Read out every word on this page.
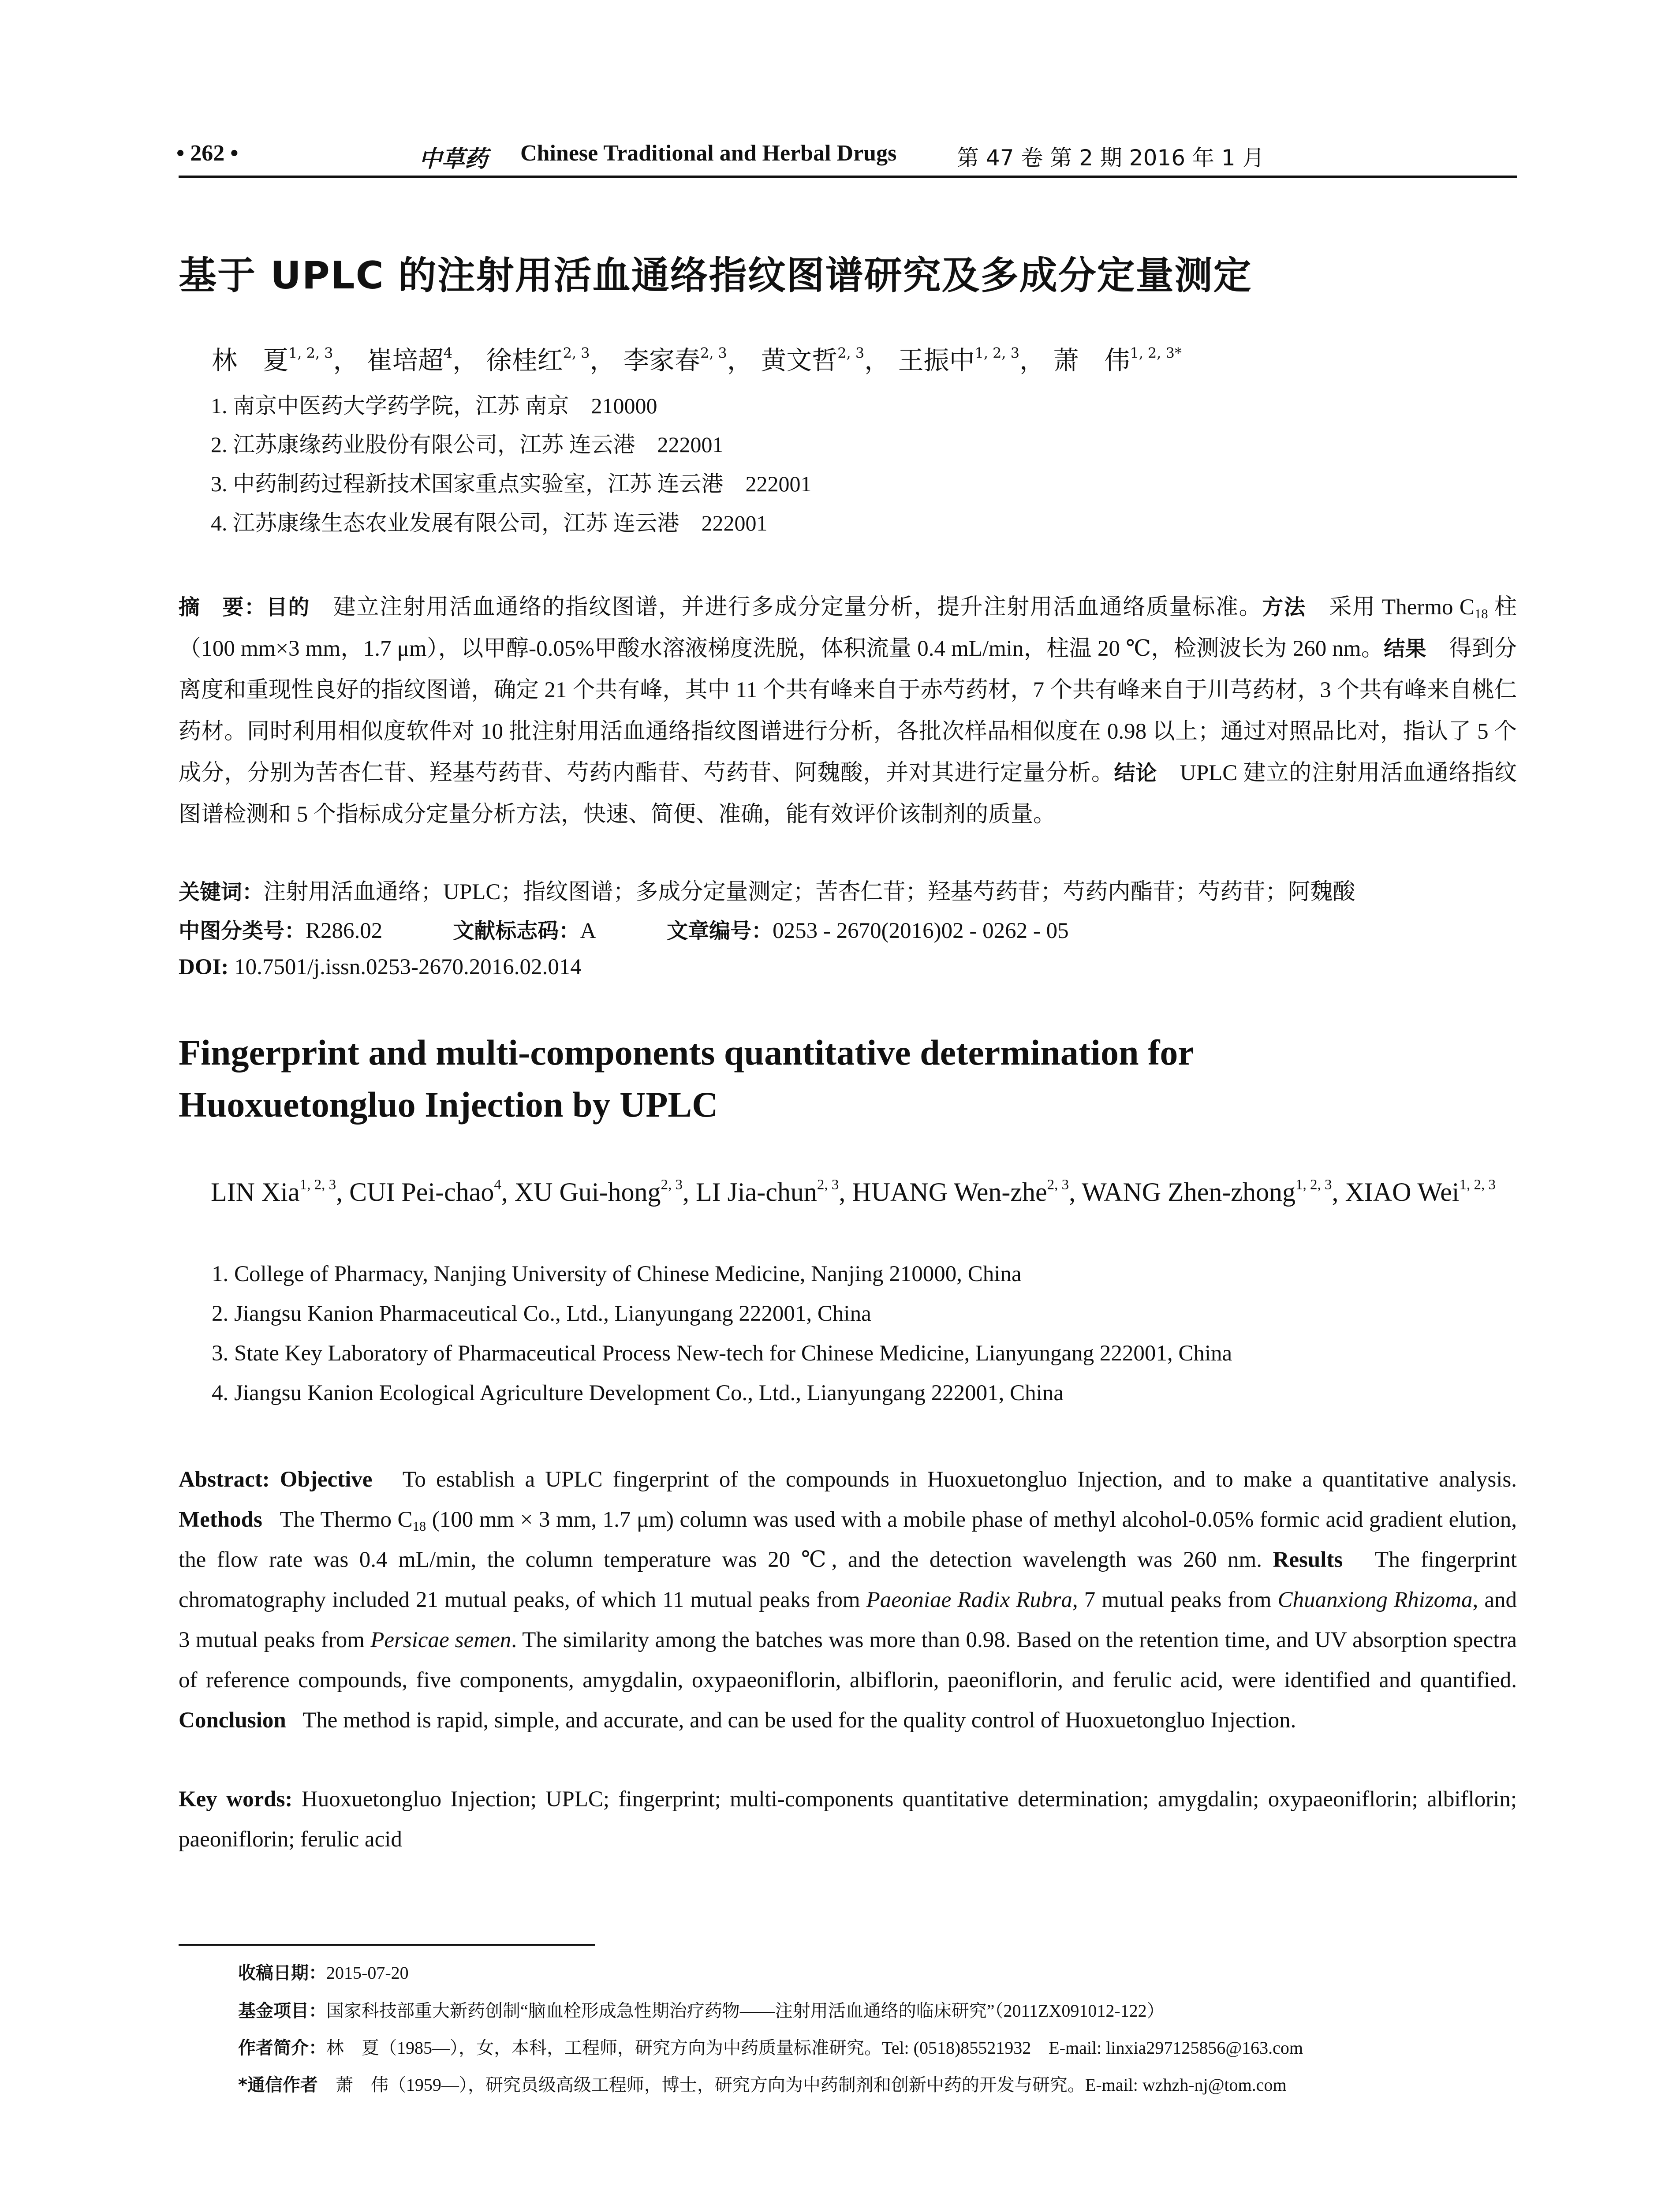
• 262 •	中草药 Chinese Traditional and Herbal Drugs	第 47 卷 第 2 期 2016 年 1 月
基于 UPLC 的注射用活血通络指纹图谱研究及多成分定量测定
林　夏$^{1, 2, 3}$， 崔培超$^4$， 徐桂红$^{2, 3}$， 李家春$^{2, 3}$， 黄文哲$^{2, 3}$， 王振中$^{1, 2, 3}$， 萧　伟$^{1, 2, 3*}$
1. 南京中医药大学药学院，江苏 南京　210000
2. 江苏康缘药业股份有限公司，江苏 连云港　222001
3. 中药制药过程新技术国家重点实验室，江苏 连云港　222001
4. 江苏康缘生态农业发展有限公司，江苏 连云港　222001
摘　要：目的　 建立注射用活血通络的指纹图谱，并进行多成分定量分析，提升注射用活血通络质量标准。方法　 采用 Thermo $C_{18}$ 柱（100 mm×3 mm，1.7 μm），以甲醇-0.05%甲酸水溶液梯度洗脱，体积流量 0.4 mL/min，柱温 20 ℃，检测波长为 260 nm。结果　 得到分离度和重现性良好的指纹图谱，确定 21 个共有峰，其中 11 个共有峰来自于赤芍药材，7 个共有峰来自于川芎药材，3 个共有峰来自桃仁药材。同时利用相似度软件对 10 批注射用活血通络指纹图谱进行分析，各批次样品相似度在 0.98 以上；通过对照品比对，指认了 5 个成分，分别为苦杏仁苷、羟基芍药苷、芍药内酯苷、芍药苷、阿魏酸，并对其进行定量分析。结论　 UPLC 建立的注射用活血通络指纹图谱检测和 5 个指标成分定量分析方法，快速、简便、准确，能有效评价该制剂的质量。
关键词：注射用活血通络；UPLC；指纹图谱；多成分定量测定；苦杏仁苷；羟基芍药苷；芍药内酯苷；芍药苷；阿魏酸
中图分类号：R286.02	文献标志码：A	文章编号：0253 - 2670(2016)02 - 0262 - 05
DOI: 10.7501/j.issn.0253-2670.2016.02.014
Fingerprint and multi-components quantitative determination for
Huoxuetongluo Injection by UPLC
LIN Xia$^{1, 2, 3}$, CUI Pei-chao$^4$, XU Gui-hong$^{2, 3}$, LI Jia-chun$^{2, 3}$, HUANG Wen-zhe$^{2, 3}$, WANG Zhen-zhong$^{1, 2, 3}$, XIAO Wei$^{1, 2, 3}$
1. College of Pharmacy, Nanjing University of Chinese Medicine, Nanjing 210000, China
2. Jiangsu Kanion Pharmaceutical Co., Ltd., Lianyungang 222001, China
3. State Key Laboratory of Pharmaceutical Process New-tech for Chinese Medicine, Lianyungang 222001, China
4. Jiangsu Kanion Ecological Agriculture Development Co., Ltd., Lianyungang 222001, China
Abstract: Objective To establish a UPLC fingerprint of the compounds in Huoxuetongluo Injection, and to make a quantitative analysis. Methods The Thermo $C_{18}$ (100 mm × 3 mm, 1.7 μm) column was used with a mobile phase of methyl alcohol-0.05% formic acid gradient elution, the flow rate was 0.4 mL/min, the column temperature was 20 ℃, and the detection wavelength was 260 nm. Results The fingerprint chromatography included 21 mutual peaks, of which 11 mutual peaks from Paeoniae Radix Rubra, 7 mutual peaks from Chuanxiong Rhizoma, and 3 mutual peaks from Persicae semen. The similarity among the batches was more than 0.98. Based on the retention time, and UV absorption spectra of reference compounds, five components, amygdalin, oxypaeoniflorin, albiflorin, paeoniflorin, and ferulic acid, were identified and quantified. Conclusion The method is rapid, simple, and accurate, and can be used for the quality control of Huoxuetongluo Injection.
Key words: Huoxuetongluo Injection; UPLC; fingerprint; multi-components quantitative determination; amygdalin; oxypaeoniflorin; albiflorin; paeoniflorin; ferulic acid
收稿日期：2015-07-20
基金项目：国家科技部重大新药创制“脑血栓形成急性期治疗药物——注射用活血通络的临床研究”（2011ZX091012-122）
作者简介：林　夏（1985—），女，本科，工程师，研究方向为中药质量标准研究。Tel: (0518)85521932　E-mail: linxia297125856@163.com
*通信作者　 萧　伟（1959—），研究员级高级工程师，博士，研究方向为中药制剂和创新中药的开发与研究。E-mail: wzhzh-nj@tom.com
